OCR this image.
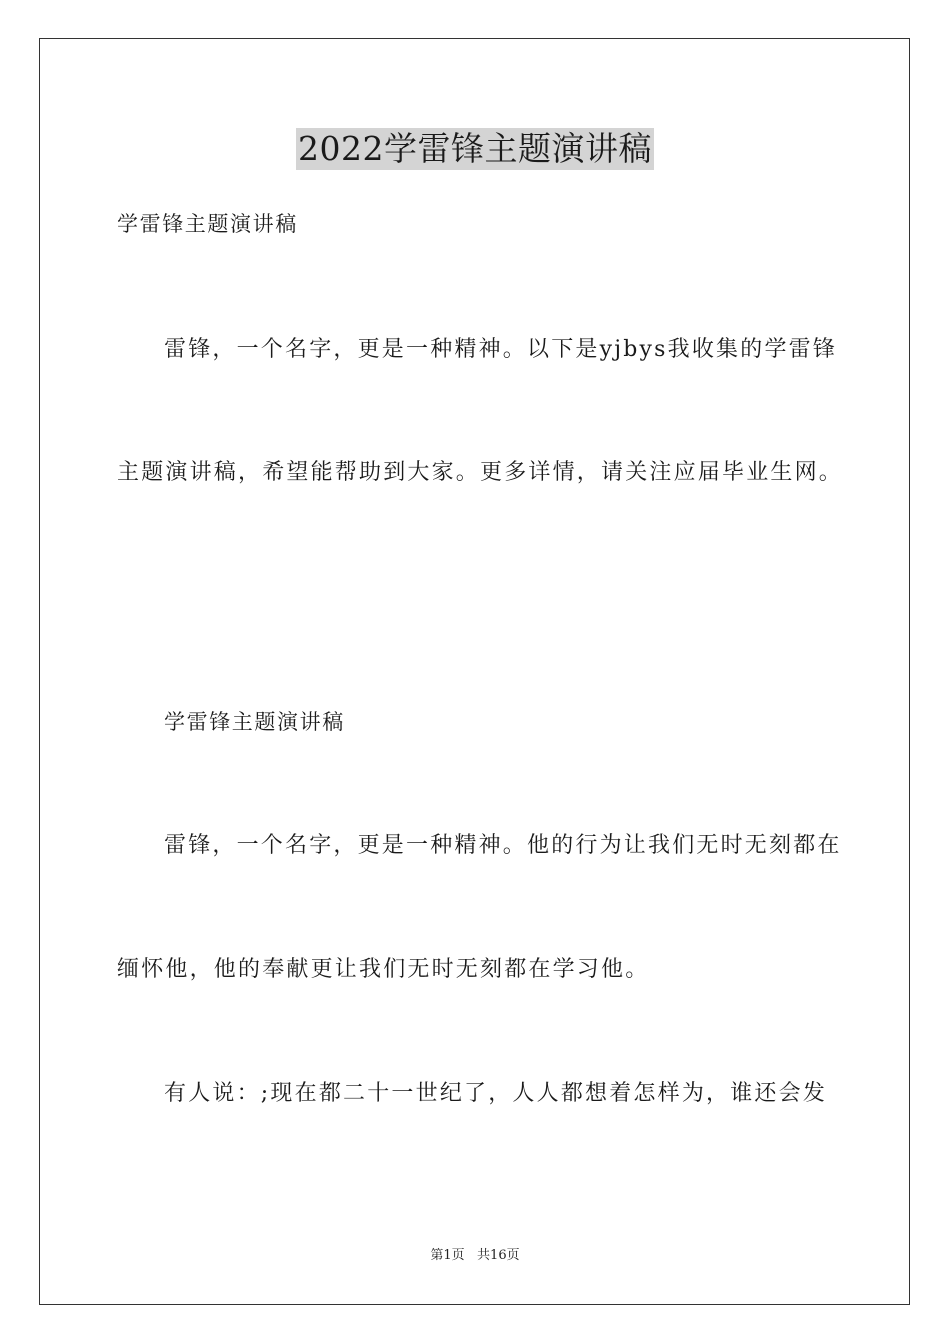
2022学雷锋主题演讲稿
学雷锋主题演讲稿
雷锋，一个名字，更是一种精神。以下是yjbys我收集的学雷锋
主题演讲稿，希望能帮助到大家。更多详情，请关注应届毕业生网。
学雷锋主题演讲稿
雷锋，一个名字，更是一种精神。他的行为让我们无时无刻都在
缅怀他，他的奉献更让我们无时无刻都在学习他。
有人说：;现在都二十一世纪了，人人都想着怎样为，谁还会发
第1页   共16页
